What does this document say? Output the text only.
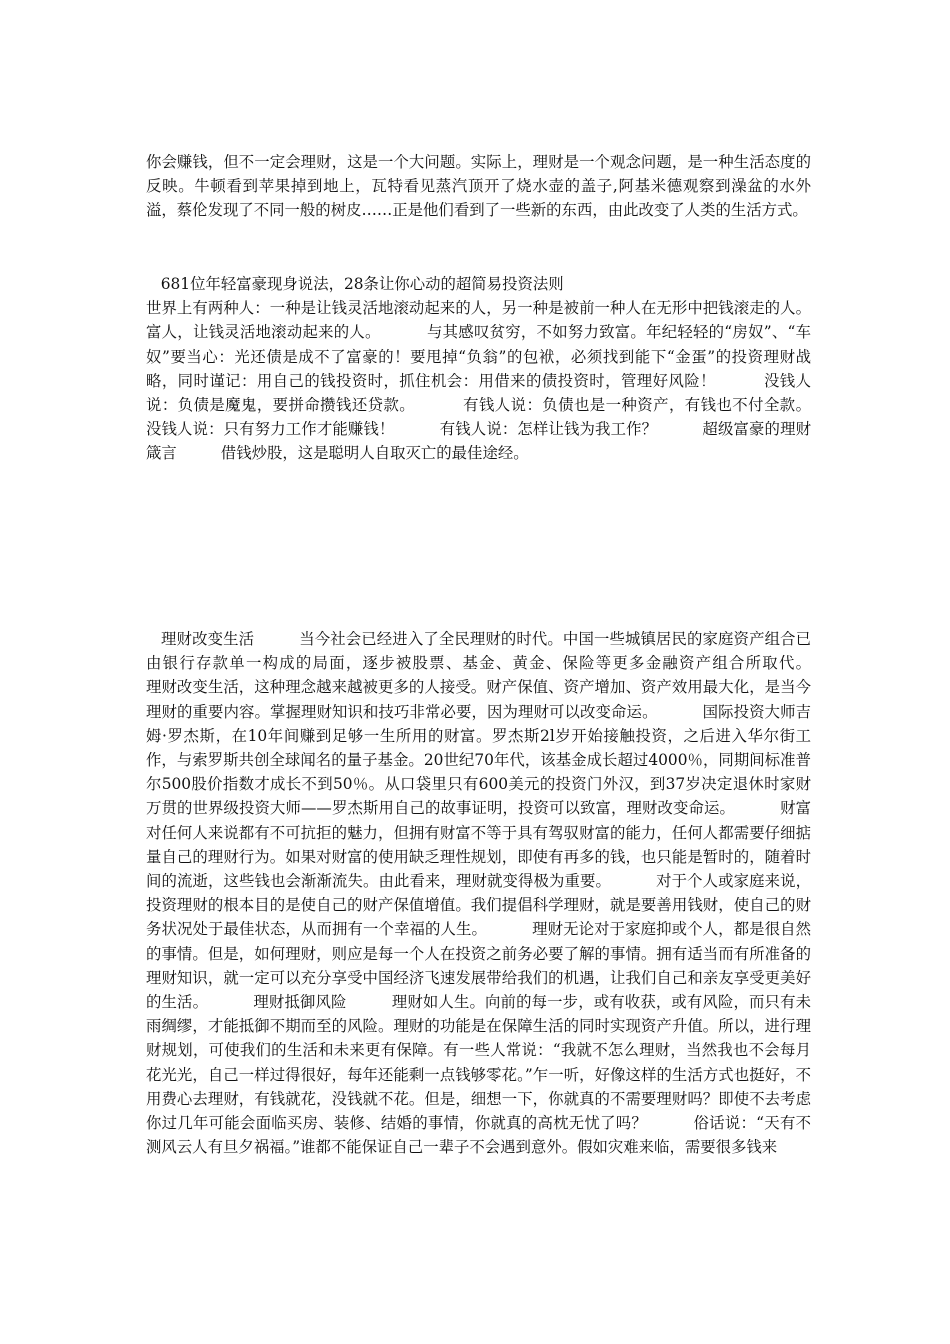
你会赚钱，但不一定会理财，这是一个大问题。实际上，理财是一个观念问题，是一种生活态度的反映。牛顿看到苹果掉到地上，瓦特看见蒸汽顶开了烧水壶的盖子,阿基米德观察到澡盆的水外溢，蔡伦发现了不同一般的树皮……正是他们看到了一些新的东西，由此改变了人类的生活方式。

681位年轻富豪现身说法，28条让你心动的超简易投资法则
世界上有两种人：一种是让钱灵活地滚动起来的人，另一种是被前一种人在无形中把钱滚走的人。富人，让钱灵活地滚动起来的人。         与其感叹贫穷，不如努力致富。年纪轻轻的“房奴”、“车奴”要当心：光还债是成不了富豪的！要甩掉“负翁”的包袱，必须找到能下“金蛋”的投资理财战略，同时谨记：用自己的钱投资时，抓住机会：用借来的债投资时，管理好风险！         没钱人说：负债是魔鬼，要拼命攒钱还贷款。         有钱人说：负债也是一种资产，有钱也不付全款。         没钱人说：只有努力工作才能赚钱！         有钱人说：怎样让钱为我工作？         超级富豪的理财箴言         借钱炒股，这是聪明人自取灭亡的最佳途经。

理财改变生活         当今社会已经进入了全民理财的时代。中国一些城镇居民的家庭资产组合已由银行存款单一构成的局面，逐步被股票、基金、黄金、保险等更多金融资产组合所取代。         理财改变生活，这种理念越来越被更多的人接受。财产保值、资产增加、资产效用最大化，是当今理财的重要内容。掌握理财知识和技巧非常必要，因为理财可以改变命运。         国际投资大师吉姆·罗杰斯，在10年间赚到足够一生所用的财富。罗杰斯2l岁开始接触投资，之后进入华尔街工作，与索罗斯共创全球闻名的量子基金。20世纪70年代，该基金成长超过4000％，同期间标准普尔500股价指数才成长不到50％。从口袋里只有600美元的投资门外汉，到37岁决定退休时家财万贯的世界级投资大师——罗杰斯用自己的故事证明，投资可以致富，理财改变命运。         财富对任何人来说都有不可抗拒的魅力，但拥有财富不等于具有驾驭财富的能力，任何人都需要仔细掂量自己的理财行为。如果对财富的使用缺乏理性规划，即使有再多的钱，也只能是暂时的，随着时间的流逝，这些钱也会渐渐流失。由此看来，理财就变得极为重要。         对于个人或家庭来说，投资理财的根本目的是使自己的财产保值增值。我们提倡科学理财，就是要善用钱财，使自己的财务状况处于最佳状态，从而拥有一个幸福的人生。         理财无论对于家庭抑或个人，都是很自然的事情。但是，如何理财，则应是每一个人在投资之前务必要了解的事情。拥有适当而有所准备的理财知识，就一定可以充分享受中国经济飞速发展带给我们的机遇，让我们自己和亲友享受更美好的生活。         理财抵御风险         理财如人生。向前的每一步，或有收获，或有风险，而只有未雨绸缪，才能抵御不期而至的风险。理财的功能是在保障生活的同时实现资产升值。所以，进行理财规划，可使我们的生活和未来更有保障。有一些人常说：“我就不怎么理财，当然我也不会每月花光光，自己一样过得很好，每年还能剩一点钱够零花。”乍一听，好像这样的生活方式也挺好，不用费心去理财，有钱就花，没钱就不花。但是，细想一下，你就真的不需要理财吗？即使不去考虑你过几年可能会面临买房、装修、结婚的事情，你就真的高枕无忧了吗？         俗话说：“天有不测风云人有旦夕祸福。”谁都不能保证自己一辈子不会遇到意外。假如灾难来临，需要很多钱来
